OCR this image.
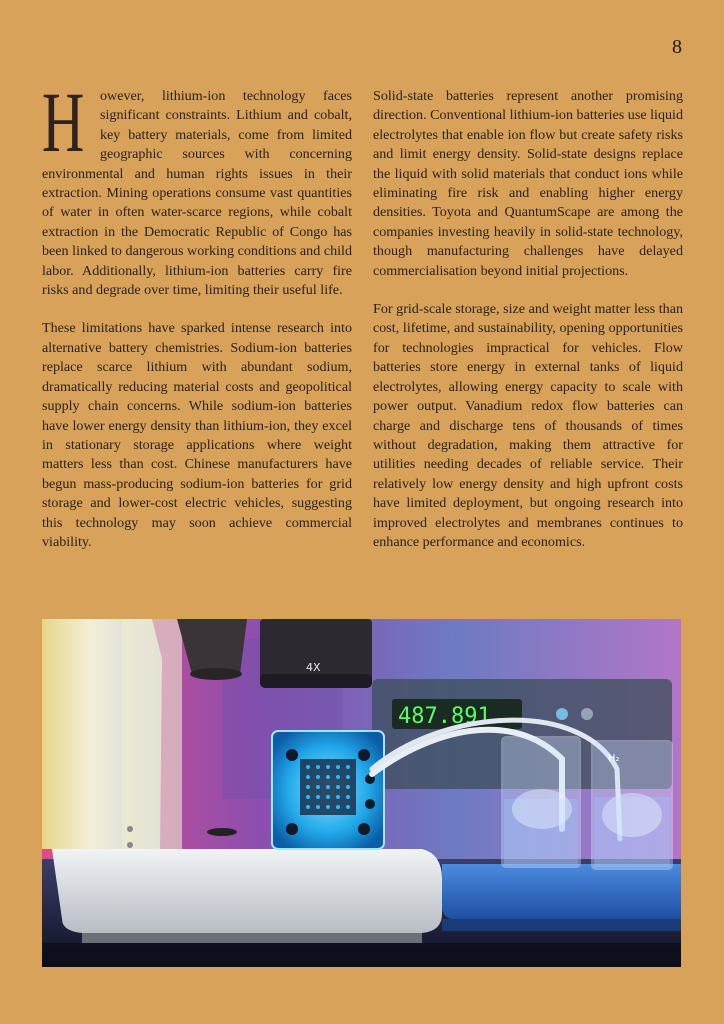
8

H owever, lithium-ion technology faces significant constraints. Lithium and cobalt, key battery materials, come from limited geographic sources with concerning environmental and human rights issues in their extraction. Mining operations consume vast quantities of water in often water-scarce regions, while cobalt extraction in the Democratic Republic of Congo has been linked to dangerous working conditions and child labor. Additionally, lithium-ion batteries carry fire risks and degrade over time, limiting their useful life.

These limitations have sparked intense research into alternative battery chemistries. Sodium-ion batteries replace scarce lithium with abundant sodium, dramatically reducing material costs and geopolitical supply chain concerns. While sodium-ion batteries have lower energy density than lithium-ion, they excel in stationary storage applications where weight matters less than cost. Chinese manufacturers have begun mass-producing sodium-ion batteries for grid storage and lower-cost electric vehicles, suggesting this technology may soon achieve commercial viability.

Solid-state batteries represent another promising direction. Conventional lithium-ion batteries use liquid electrolytes that enable ion flow but create safety risks and limit energy density. Solid-state designs replace the liquid with solid materials that conduct ions while eliminating fire risk and enabling higher energy densities. Toyota and QuantumScape are among the companies investing heavily in solid-state technology, though manufacturing challenges have delayed commercialisation beyond initial projections.

For grid-scale storage, size and weight matter less than cost, lifetime, and sustainability, opening opportunities for technologies impractical for vehicles. Flow batteries store energy in external tanks of liquid electrolytes, allowing energy capacity to scale with power output. Vanadium redox flow batteries can charge and discharge tens of thousands of times without degradation, making them attractive for utilities needing decades of reliable service. Their relatively low energy density and high upfront costs have limited deployment, but ongoing research into improved electrolytes and membranes continues to enhance performance and economics.

487.891
4X
H₂
